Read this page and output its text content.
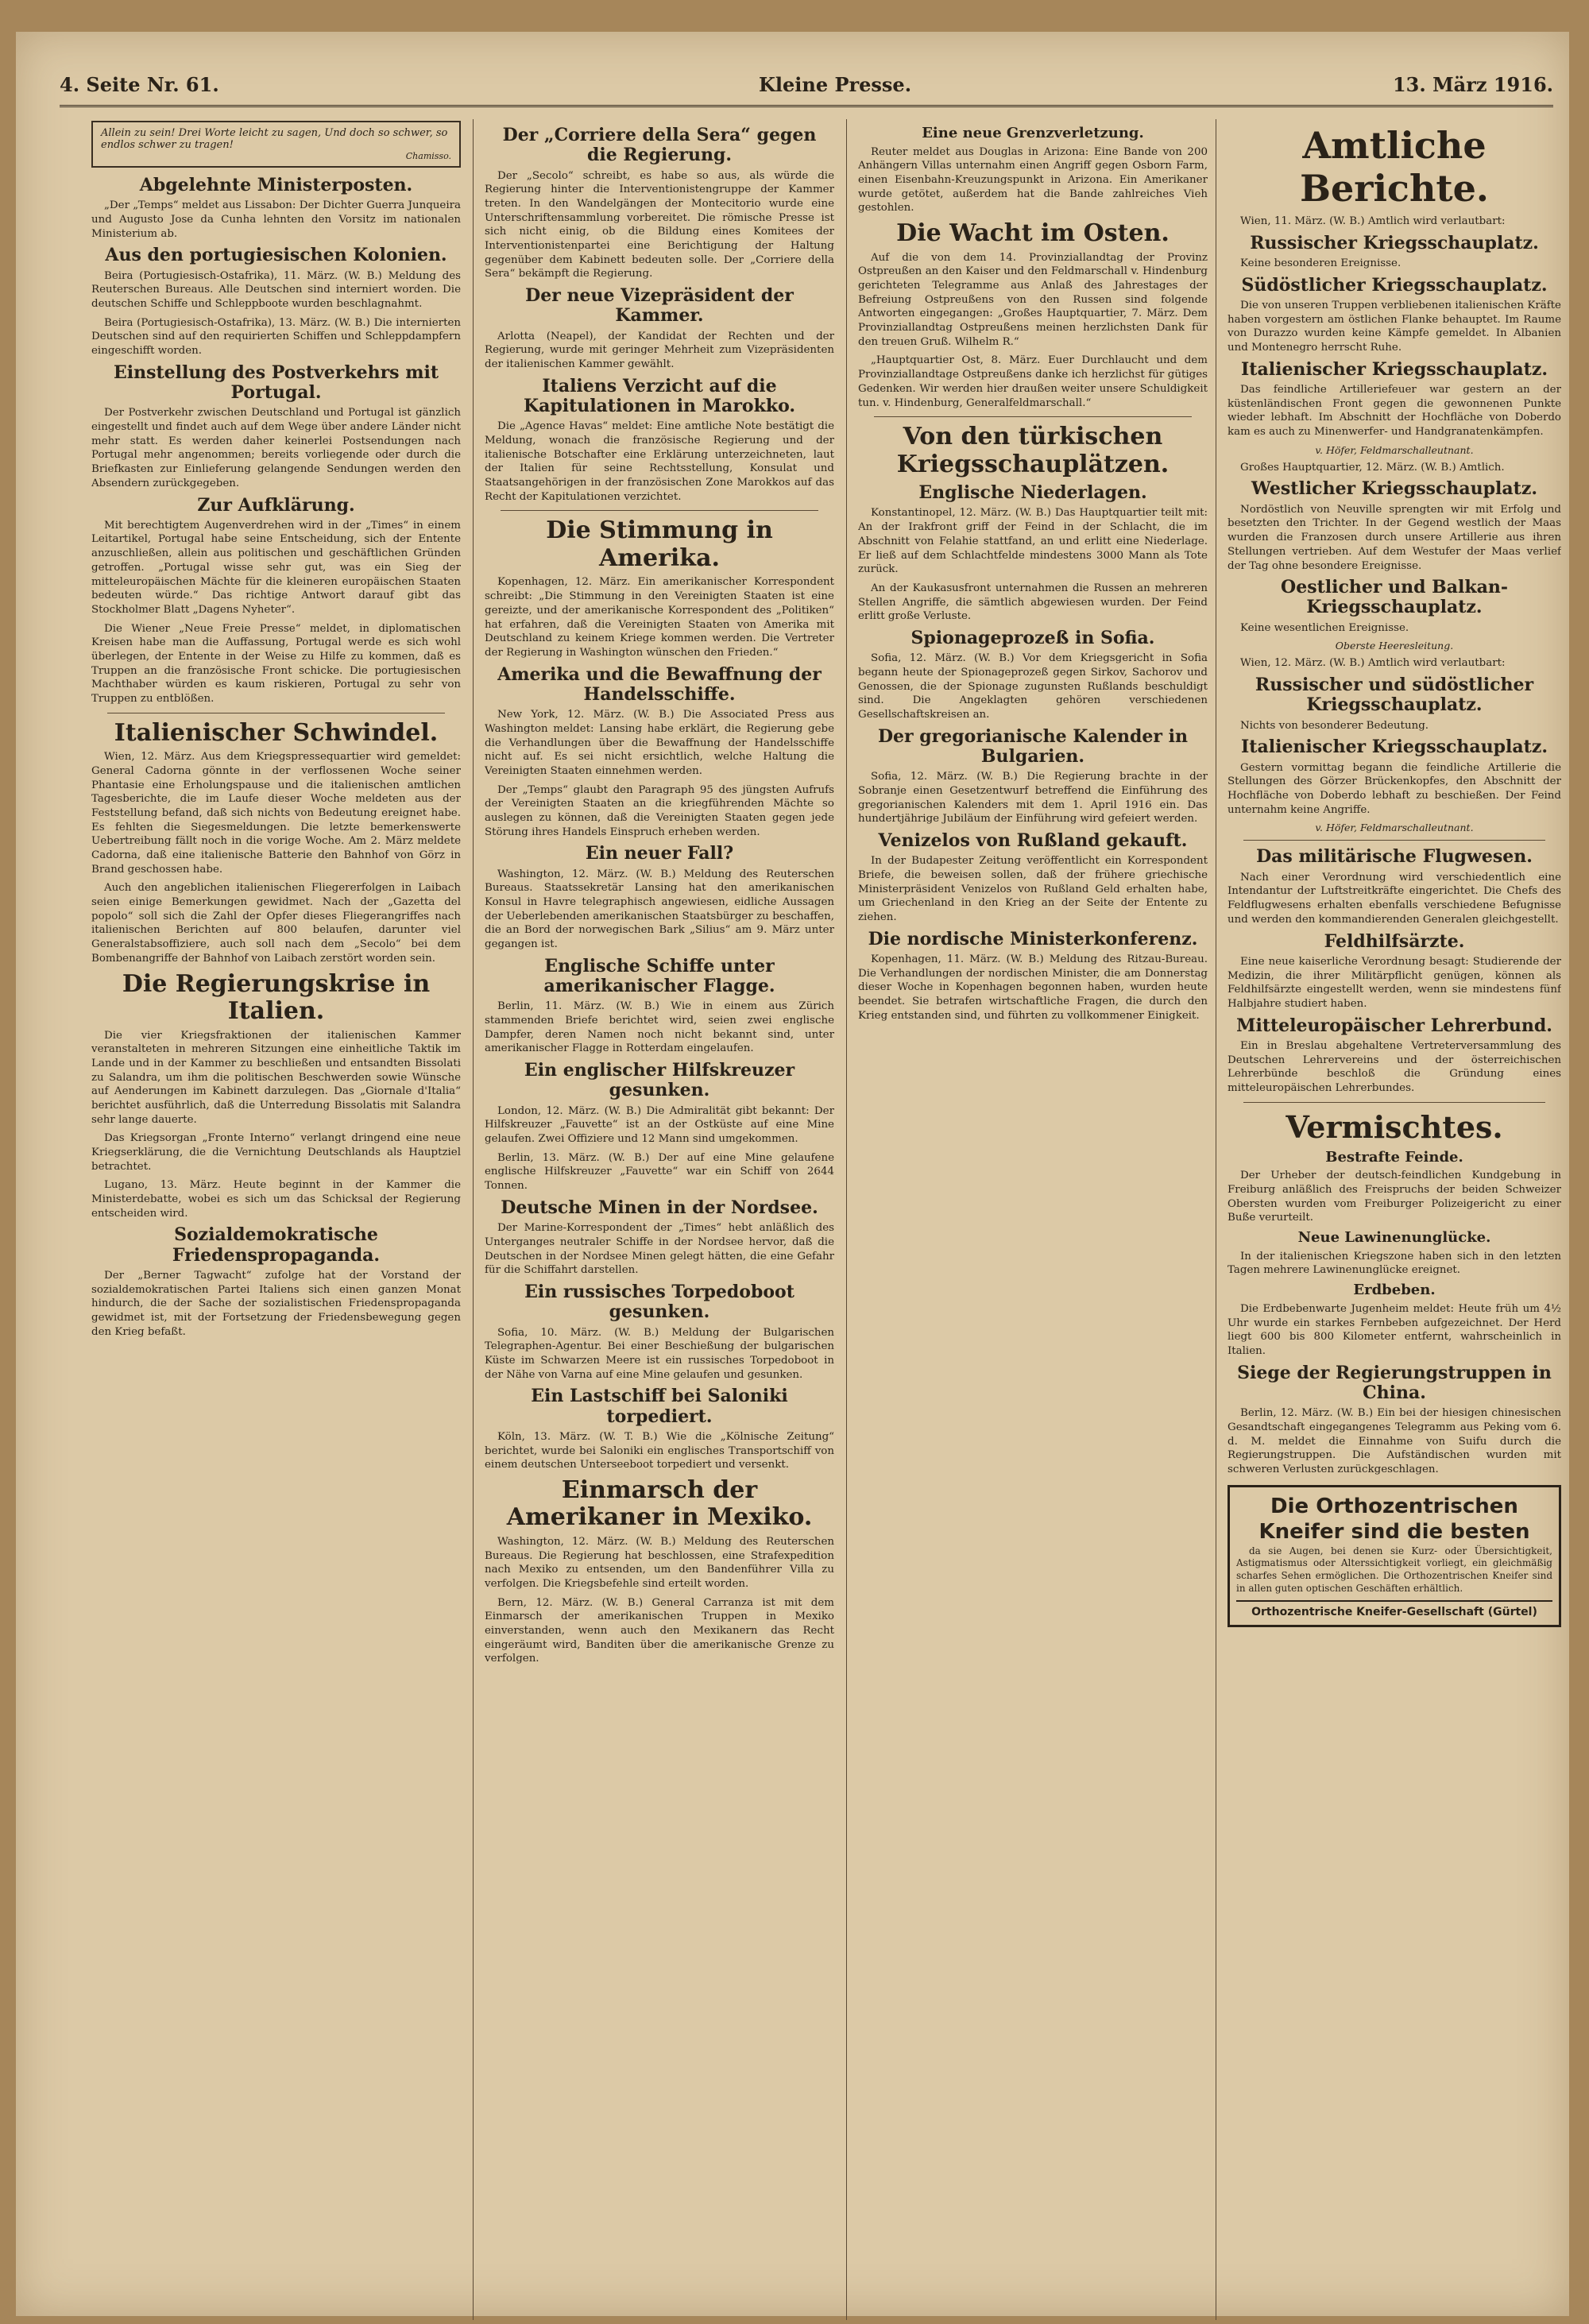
4. Seite Nr. 61.	Kleine Presse.	13. März 1916.
Allein zu sein! Drei Worte leicht zu sagen, Und doch so schwer, so endlos schwer zu tragen!
Chamisso.
Abgelehnte Ministerposten.

„Der „Temps“ meldet aus Lissabon: Der Dichter Guerra Junqueira und Augusto Jose da Cunha lehnten den Vorsitz im nationalen Ministerium ab.

Aus den portugiesischen Kolonien.

Beira (Portugiesisch-Ostafrika), 11. März. (W. B.) Meldung des Reuterschen Bureaus. Alle Deutschen sind interniert worden. Die deutschen Schiffe und Schleppboote wurden beschlagnahmt.

Beira (Portugiesisch-Ostafrika), 13. März. (W. B.) Die internierten Deutschen sind auf den requirierten Schiffen und Schleppdampfern eingeschifft worden.

Einstellung des Postverkehrs mit Portugal.

Der Postverkehr zwischen Deutschland und Portugal ist gänzlich eingestellt und findet auch auf dem Wege über andere Länder nicht mehr statt. Es werden daher keinerlei Postsendungen nach Portugal mehr angenommen; bereits vorliegende oder durch die Briefkasten zur Einlieferung gelangende Sendungen werden den Absendern zurückgegeben.

Zur Aufklärung.

Mit berechtigtem Augenverdrehen wird in der „Times“ in einem Leitartikel, Portugal habe seine Entscheidung, sich der Entente anzuschließen, allein aus politischen und geschäftlichen Gründen getroffen. „Portugal wisse sehr gut, was ein Sieg der mitteleuropäischen Mächte für die kleineren europäischen Staaten bedeuten würde.“ Das richtige Antwort darauf gibt das Stockholmer Blatt „Dagens Nyheter“.

Die Wiener „Neue Freie Presse“ meldet, in diplomatischen Kreisen habe man die Auffassung, Portugal werde es sich wohl überlegen, der Entente in der Weise zu Hilfe zu kommen, daß es Truppen an die französische Front schicke. Die portugiesischen Machthaber würden es kaum riskieren, Portugal zu sehr von Truppen zu entblößen.

Italienischer Schwindel.

Wien, 12. März. Aus dem Kriegspressequartier wird gemeldet: General Cadorna gönnte in der verflossenen Woche seiner Phantasie eine Erholungspause und die italienischen amtlichen Tagesberichte, die im Laufe dieser Woche meldeten aus der Feststellung befand, daß sich nichts von Bedeutung ereignet habe. Es fehlten die Siegesmeldungen. Die letzte bemerkenswerte Uebertreibung fällt noch in die vorige Woche. Am 2. März meldete Cadorna, daß eine italienische Batterie den Bahnhof von Görz in Brand geschossen habe.

Auch den angeblichen italienischen Fliegererfolgen in Laibach seien einige Bemerkungen gewidmet. Nach der „Gazetta del popolo“ soll sich die Zahl der Opfer dieses Fliegerangriffes nach italienischen Berichten auf 800 belaufen, darunter viel Generalstabsoffiziere, auch soll nach dem „Secolo“ bei dem Bombenangriffe der Bahnhof von Laibach zerstört worden sein.

Die Regierungskrise in Italien.

Die vier Kriegsfraktionen der italienischen Kammer veranstalteten in mehreren Sitzungen eine einheitliche Taktik im Lande und in der Kammer zu beschließen und entsandten Bissolati zu Salandra, um ihm die politischen Beschwerden sowie Wünsche auf Aenderungen im Kabinett darzulegen. Das „Giornale d'Italia“ berichtet ausführlich, daß die Unterredung Bissolatis mit Salandra sehr lange dauerte.

Das Kriegsorgan „Fronte Interno“ verlangt dringend eine neue Kriegserklärung, die die Vernichtung Deutschlands als Hauptziel betrachtet.

Lugano, 13. März. Heute beginnt in der Kammer die Ministerdebatte, wobei es sich um das Schicksal der Regierung entscheiden wird.

Sozialdemokratische Friedenspropaganda.

Der „Berner Tagwacht“ zufolge hat der Vorstand der sozialdemokratischen Partei Italiens sich einen ganzen Monat hindurch, die der Sache der sozialistischen Friedenspropaganda gewidmet ist, mit der Fortsetzung der Friedensbewegung gegen den Krieg befaßt.

Der „Corriere della Sera“ gegen die Regierung.

Der „Secolo“ schreibt, es habe so aus, als würde die Regierung hinter die Interventionistengruppe der Kammer treten. In den Wandelgängen der Montecitorio wurde eine Unterschriftensammlung vorbereitet. Die römische Presse ist sich nicht einig, ob die Bildung eines Komitees der Interventionistenpartei eine Berichtigung der Haltung gegenüber dem Kabinett bedeuten solle. Der „Corriere della Sera“ bekämpft die Regierung.

Der neue Vizepräsident der Kammer.

Arlotta (Neapel), der Kandidat der Rechten und der Regierung, wurde mit geringer Mehrheit zum Vizepräsidenten der italienischen Kammer gewählt.

Italiens Verzicht auf die Kapitulationen in Marokko.

Die „Agence Havas“ meldet: Eine amtliche Note bestätigt die Meldung, wonach die französische Regierung und der italienische Botschafter eine Erklärung unterzeichneten, laut der Italien für seine Rechtsstellung, Konsulat und Staatsangehörigen in der französischen Zone Marokkos auf das Recht der Kapitulationen verzichtet.

Die Stimmung in Amerika.

Kopenhagen, 12. März. Ein amerikanischer Korrespondent schreibt: „Die Stimmung in den Vereinigten Staaten ist eine gereizte, und der amerikanische Korrespondent des „Politiken“ hat erfahren, daß die Vereinigten Staaten von Amerika mit Deutschland zu keinem Kriege kommen werden. Die Vertreter der Regierung in Washington wünschen den Frieden.“

Amerika und die Bewaffnung der Handelsschiffe.

New York, 12. März. (W. B.) Die Associated Press aus Washington meldet: Lansing habe erklärt, die Regierung gebe die Verhandlungen über die Bewaffnung der Handelsschiffe nicht auf. Es sei nicht ersichtlich, welche Haltung die Vereinigten Staaten einnehmen werden.

Der „Temps“ glaubt den Paragraph 95 des jüngsten Aufrufs der Vereinigten Staaten an die kriegführenden Mächte so auslegen zu können, daß die Vereinigten Staaten gegen jede Störung ihres Handels Einspruch erheben werden.

Ein neuer Fall?

Washington, 12. März. (W. B.) Meldung des Reuterschen Bureaus. Staatssekretär Lansing hat den amerikanischen Konsul in Havre telegraphisch angewiesen, eidliche Aussagen der Ueberlebenden amerikanischen Staatsbürger zu beschaffen, die an Bord der norwegischen Bark „Silius“ am 9. März unter gegangen ist.

Englische Schiffe unter amerikanischer Flagge.

Berlin, 11. März. (W. B.) Wie in einem aus Zürich stammenden Briefe berichtet wird, seien zwei englische Dampfer, deren Namen noch nicht bekannt sind, unter amerikanischer Flagge in Rotterdam eingelaufen.

Ein englischer Hilfskreuzer gesunken.

London, 12. März. (W. B.) Die Admiralität gibt bekannt: Der Hilfskreuzer „Fauvette“ ist an der Ostküste auf eine Mine gelaufen. Zwei Offiziere und 12 Mann sind umgekommen.

Berlin, 13. März. (W. B.) Der auf eine Mine gelaufene englische Hilfskreuzer „Fauvette“ war ein Schiff von 2644 Tonnen.

Deutsche Minen in der Nordsee.

Der Marine-Korrespondent der „Times“ hebt anläßlich des Unterganges neutraler Schiffe in der Nordsee hervor, daß die Deutschen in der Nordsee Minen gelegt hätten, die eine Gefahr für die Schiffahrt darstellen.

Ein russisches Torpedoboot gesunken.

Sofia, 10. März. (W. B.) Meldung der Bulgarischen Telegraphen-Agentur. Bei einer Beschießung der bulgarischen Küste im Schwarzen Meere ist ein russisches Torpedoboot in der Nähe von Varna auf eine Mine gelaufen und gesunken.

Ein Lastschiff bei Saloniki torpediert.

Köln, 13. März. (W. T. B.) Wie die „Kölnische Zeitung“ berichtet, wurde bei Saloniki ein englisches Transportschiff von einem deutschen Unterseeboot torpediert und versenkt.

Einmarsch der Amerikaner in Mexiko.

Washington, 12. März. (W. B.) Meldung des Reuterschen Bureaus. Die Regierung hat beschlossen, eine Strafexpedition nach Mexiko zu entsenden, um den Bandenführer Villa zu verfolgen. Die Kriegsbefehle sind erteilt worden.

Bern, 12. März. (W. B.) General Carranza ist mit dem Einmarsch der amerikanischen Truppen in Mexiko einverstanden, wenn auch den Mexikanern das Recht eingeräumt wird, Banditen über die amerikanische Grenze zu verfolgen.

Eine neue Grenzverletzung.

Reuter meldet aus Douglas in Arizona: Eine Bande von 200 Anhängern Villas unternahm einen Angriff gegen Osborn Farm, einen Eisenbahn-Kreuzungspunkt in Arizona. Ein Amerikaner wurde getötet, außerdem hat die Bande zahlreiches Vieh gestohlen.

Die Wacht im Osten.

Auf die von dem 14. Provinziallandtag der Provinz Ostpreußen an den Kaiser und den Feldmarschall v. Hindenburg gerichteten Telegramme aus Anlaß des Jahrestages der Befreiung Ostpreußens von den Russen sind folgende Antworten eingegangen: „Großes Hauptquartier, 7. März. Dem Provinziallandtag Ostpreußens meinen herzlichsten Dank für den treuen Gruß. Wilhelm R.“

„Hauptquartier Ost, 8. März. Euer Durchlaucht und dem Provinziallandtage Ostpreußens danke ich herzlichst für gütiges Gedenken. Wir werden hier draußen weiter unsere Schuldigkeit tun. v. Hindenburg, Generalfeldmarschall.“

Von den türkischen Kriegsschauplätzen.
Englische Niederlagen.

Konstantinopel, 12. März. (W. B.) Das Hauptquartier teilt mit: An der Irakfront griff der Feind in der Schlacht, die im Abschnitt von Felahie stattfand, an und erlitt eine Niederlage. Er ließ auf dem Schlachtfelde mindestens 3000 Mann als Tote zurück.

An der Kaukasusfront unternahmen die Russen an mehreren Stellen Angriffe, die sämtlich abgewiesen wurden. Der Feind erlitt große Verluste.

Spionageprozeß in Sofia.

Sofia, 12. März. (W. B.) Vor dem Kriegsgericht in Sofia begann heute der Spionageprozeß gegen Sirkov, Sachorov und Genossen, die der Spionage zugunsten Rußlands beschuldigt sind. Die Angeklagten gehören verschiedenen Gesellschaftskreisen an.

Der gregorianische Kalender in Bulgarien.

Sofia, 12. März. (W. B.) Die Regierung brachte in der Sobranje einen Gesetzentwurf betreffend die Einführung des gregorianischen Kalenders mit dem 1. April 1916 ein. Das hundertjährige Jubiläum der Einführung wird gefeiert werden.

Venizelos von Rußland gekauft.

In der Budapester Zeitung veröffentlicht ein Korrespondent Briefe, die beweisen sollen, daß der frühere griechische Ministerpräsident Venizelos von Rußland Geld erhalten habe, um Griechenland in den Krieg an der Seite der Entente zu ziehen.

Die nordische Ministerkonferenz.

Kopenhagen, 11. März. (W. B.) Meldung des Ritzau-Bureau. Die Verhandlungen der nordischen Minister, die am Donnerstag dieser Woche in Kopenhagen begonnen haben, wurden heute beendet. Sie betrafen wirtschaftliche Fragen, die durch den Krieg entstanden sind, und führten zu vollkommener Einigkeit.

Amtliche Berichte.

Wien, 11. März. (W. B.) Amtlich wird verlautbart:

Russischer Kriegsschauplatz.

Keine besonderen Ereignisse.

Südöstlicher Kriegsschauplatz.

Die von unseren Truppen verbliebenen italienischen Kräfte haben vorgestern am östlichen Flanke behauptet. Im Raume von Durazzo wurden keine Kämpfe gemeldet. In Albanien und Montenegro herrscht Ruhe.

Italienischer Kriegsschauplatz.

Das feindliche Artilleriefeuer war gestern an der küstenländischen Front gegen die gewonnenen Punkte wieder lebhaft. Im Abschnitt der Hochfläche von Doberdo kam es auch zu Minenwerfer- und Handgranatenkämpfen.

v. Höfer, Feldmarschalleutnant.

Großes Hauptquartier, 12. März. (W. B.) Amtlich.

Westlicher Kriegsschauplatz.

Nordöstlich von Neuville sprengten wir mit Erfolg und besetzten den Trichter. In der Gegend westlich der Maas wurden die Franzosen durch unsere Artillerie aus ihren Stellungen vertrieben. Auf dem Westufer der Maas verlief der Tag ohne besondere Ereignisse.

Oestlicher und Balkan-Kriegsschauplatz.

Keine wesentlichen Ereignisse.

Oberste Heeresleitung.

Wien, 12. März. (W. B.) Amtlich wird verlautbart:

Russischer und südöstlicher Kriegsschauplatz.

Nichts von besonderer Bedeutung.

Italienischer Kriegsschauplatz.

Gestern vormittag begann die feindliche Artillerie die Stellungen des Görzer Brückenkopfes, den Abschnitt der Hochfläche von Doberdo lebhaft zu beschießen. Der Feind unternahm keine Angriffe.

v. Höfer, Feldmarschalleutnant.
Das militärische Flugwesen.

Nach einer Verordnung wird verschiedentlich eine Intendantur der Luftstreitkräfte eingerichtet. Die Chefs des Feldflugwesens erhalten ebenfalls verschiedene Befugnisse und werden den kommandierenden Generalen gleichgestellt.

Feldhilfsärzte.

Eine neue kaiserliche Verordnung besagt: Studierende der Medizin, die ihrer Militärpflicht genügen, können als Feldhilfsärzte eingestellt werden, wenn sie mindestens fünf Halbjahre studiert haben.

Mitteleuropäischer Lehrerbund.

Ein in Breslau abgehaltene Vertreterversammlung des Deutschen Lehrervereins und der österreichischen Lehrerbünde beschloß die Gründung eines mitteleuropäischen Lehrerbundes.

Vermischtes.
Bestrafte Feinde.

Der Urheber der deutsch-feindlichen Kundgebung in Freiburg anläßlich des Freispruchs der beiden Schweizer Obersten wurden vom Freiburger Polizeigericht zu einer Buße verurteilt.

Neue Lawinenunglücke.

In der italienischen Kriegszone haben sich in den letzten Tagen mehrere Lawinenunglücke ereignet.

Erdbeben.

Die Erdbebenwarte Jugenheim meldet: Heute früh um 4½ Uhr wurde ein starkes Fernbeben aufgezeichnet. Der Herd liegt 600 bis 800 Kilometer entfernt, wahrscheinlich in Italien.

Siege der Regierungstruppen in China.

Berlin, 12. März. (W. B.) Ein bei der hiesigen chinesischen Gesandtschaft eingegangenes Telegramm aus Peking vom 6. d. M. meldet die Einnahme von Suifu durch die Regierungstruppen. Die Aufständischen wurden mit schweren Verlusten zurückgeschlagen.

Die Orthozentrischen Kneifer sind die besten

da sie Augen, bei denen sie Kurz- oder Übersichtigkeit, Astigmatismus oder Alterssichtigkeit vorliegt, ein gleichmäßig scharfes Sehen ermöglichen. Die Orthozentrischen Kneifer sind in allen guten optischen Geschäften erhältlich.

Orthozentrische Kneifer-Gesellschaft (Gürtel)
